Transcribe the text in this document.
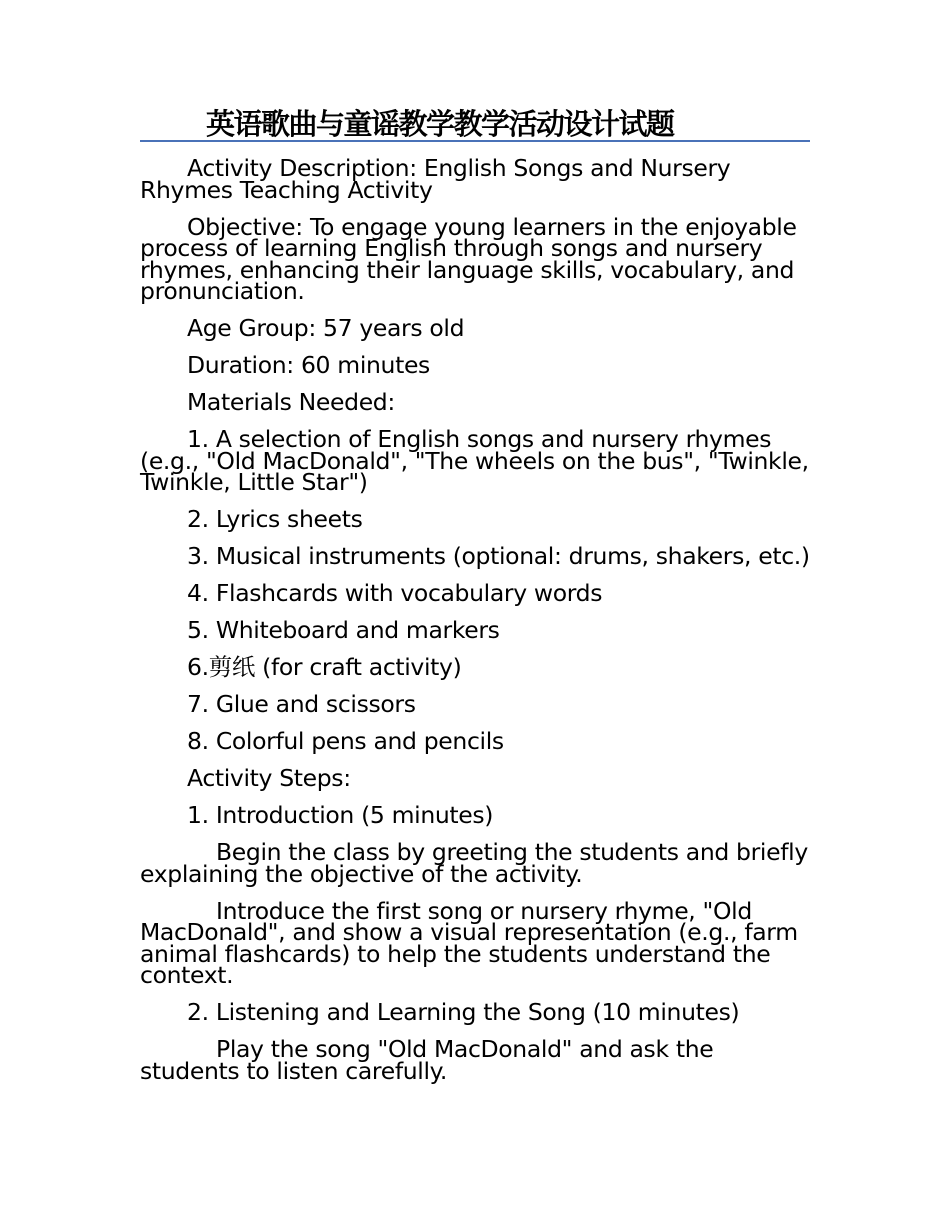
英语歌曲与童谣教学教学活动设计试题

Activity Description: English Songs and Nursery Rhymes Teaching Activity

Objective: To engage young learners in the enjoyable process of learning English through songs and nursery rhymes, enhancing their language skills, vocabulary, and pronunciation.

Age Group: 57 years old

Duration: 60 minutes

Materials Needed:

1. A selection of English songs and nursery rhymes (e.g., "Old MacDonald", "The wheels on the bus", "Twinkle, Twinkle, Little Star")

2. Lyrics sheets

3. Musical instruments (optional: drums, shakers, etc.)

4. Flashcards with vocabulary words

5. Whiteboard and markers

6.剪纸 (for craft activity)

7. Glue and scissors

8. Colorful pens and pencils

Activity Steps:

1. Introduction (5 minutes)

Begin the class by greeting the students and briefly explaining the objective of the activity.

Introduce the first song or nursery rhyme, "Old MacDonald", and show a visual representation (e.g., farm animal flashcards) to help the students understand the context.

2. Listening and Learning the Song (10 minutes)

Play the song "Old MacDonald" and ask the students to listen carefully.
